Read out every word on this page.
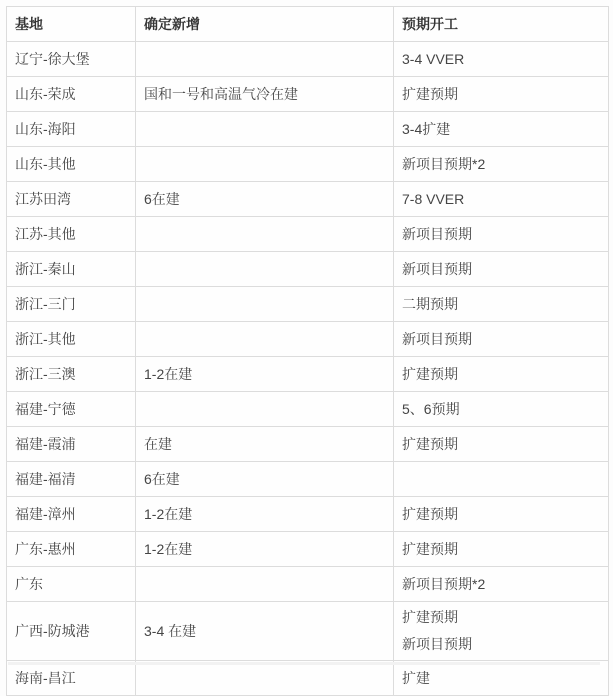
基地	确定新增	预期开工
辽宁-徐大堡		3-4 VVER

山东-荣成	国和一号和高温气冷在建	扩建预期

山东-海阳		3-4扩建

山东-其他		新项目预期*2

江苏田湾	6在建	7-8 VVER

江苏-其他		新项目预期

浙江-秦山		新项目预期

浙江-三门		二期预期

浙江-其他		新项目预期

浙江-三澳	1-2在建	扩建预期

福建-宁德		5、6预期

福建-霞浦	在建	扩建预期

福建-福清	6在建	
福建-漳州	1-2在建	扩建预期

广东-惠州	1-2在建	扩建预期

广东		新项目预期*2

广西-防城港	3-4 在建	扩建预期
新项目预期

海南-昌江		扩建
